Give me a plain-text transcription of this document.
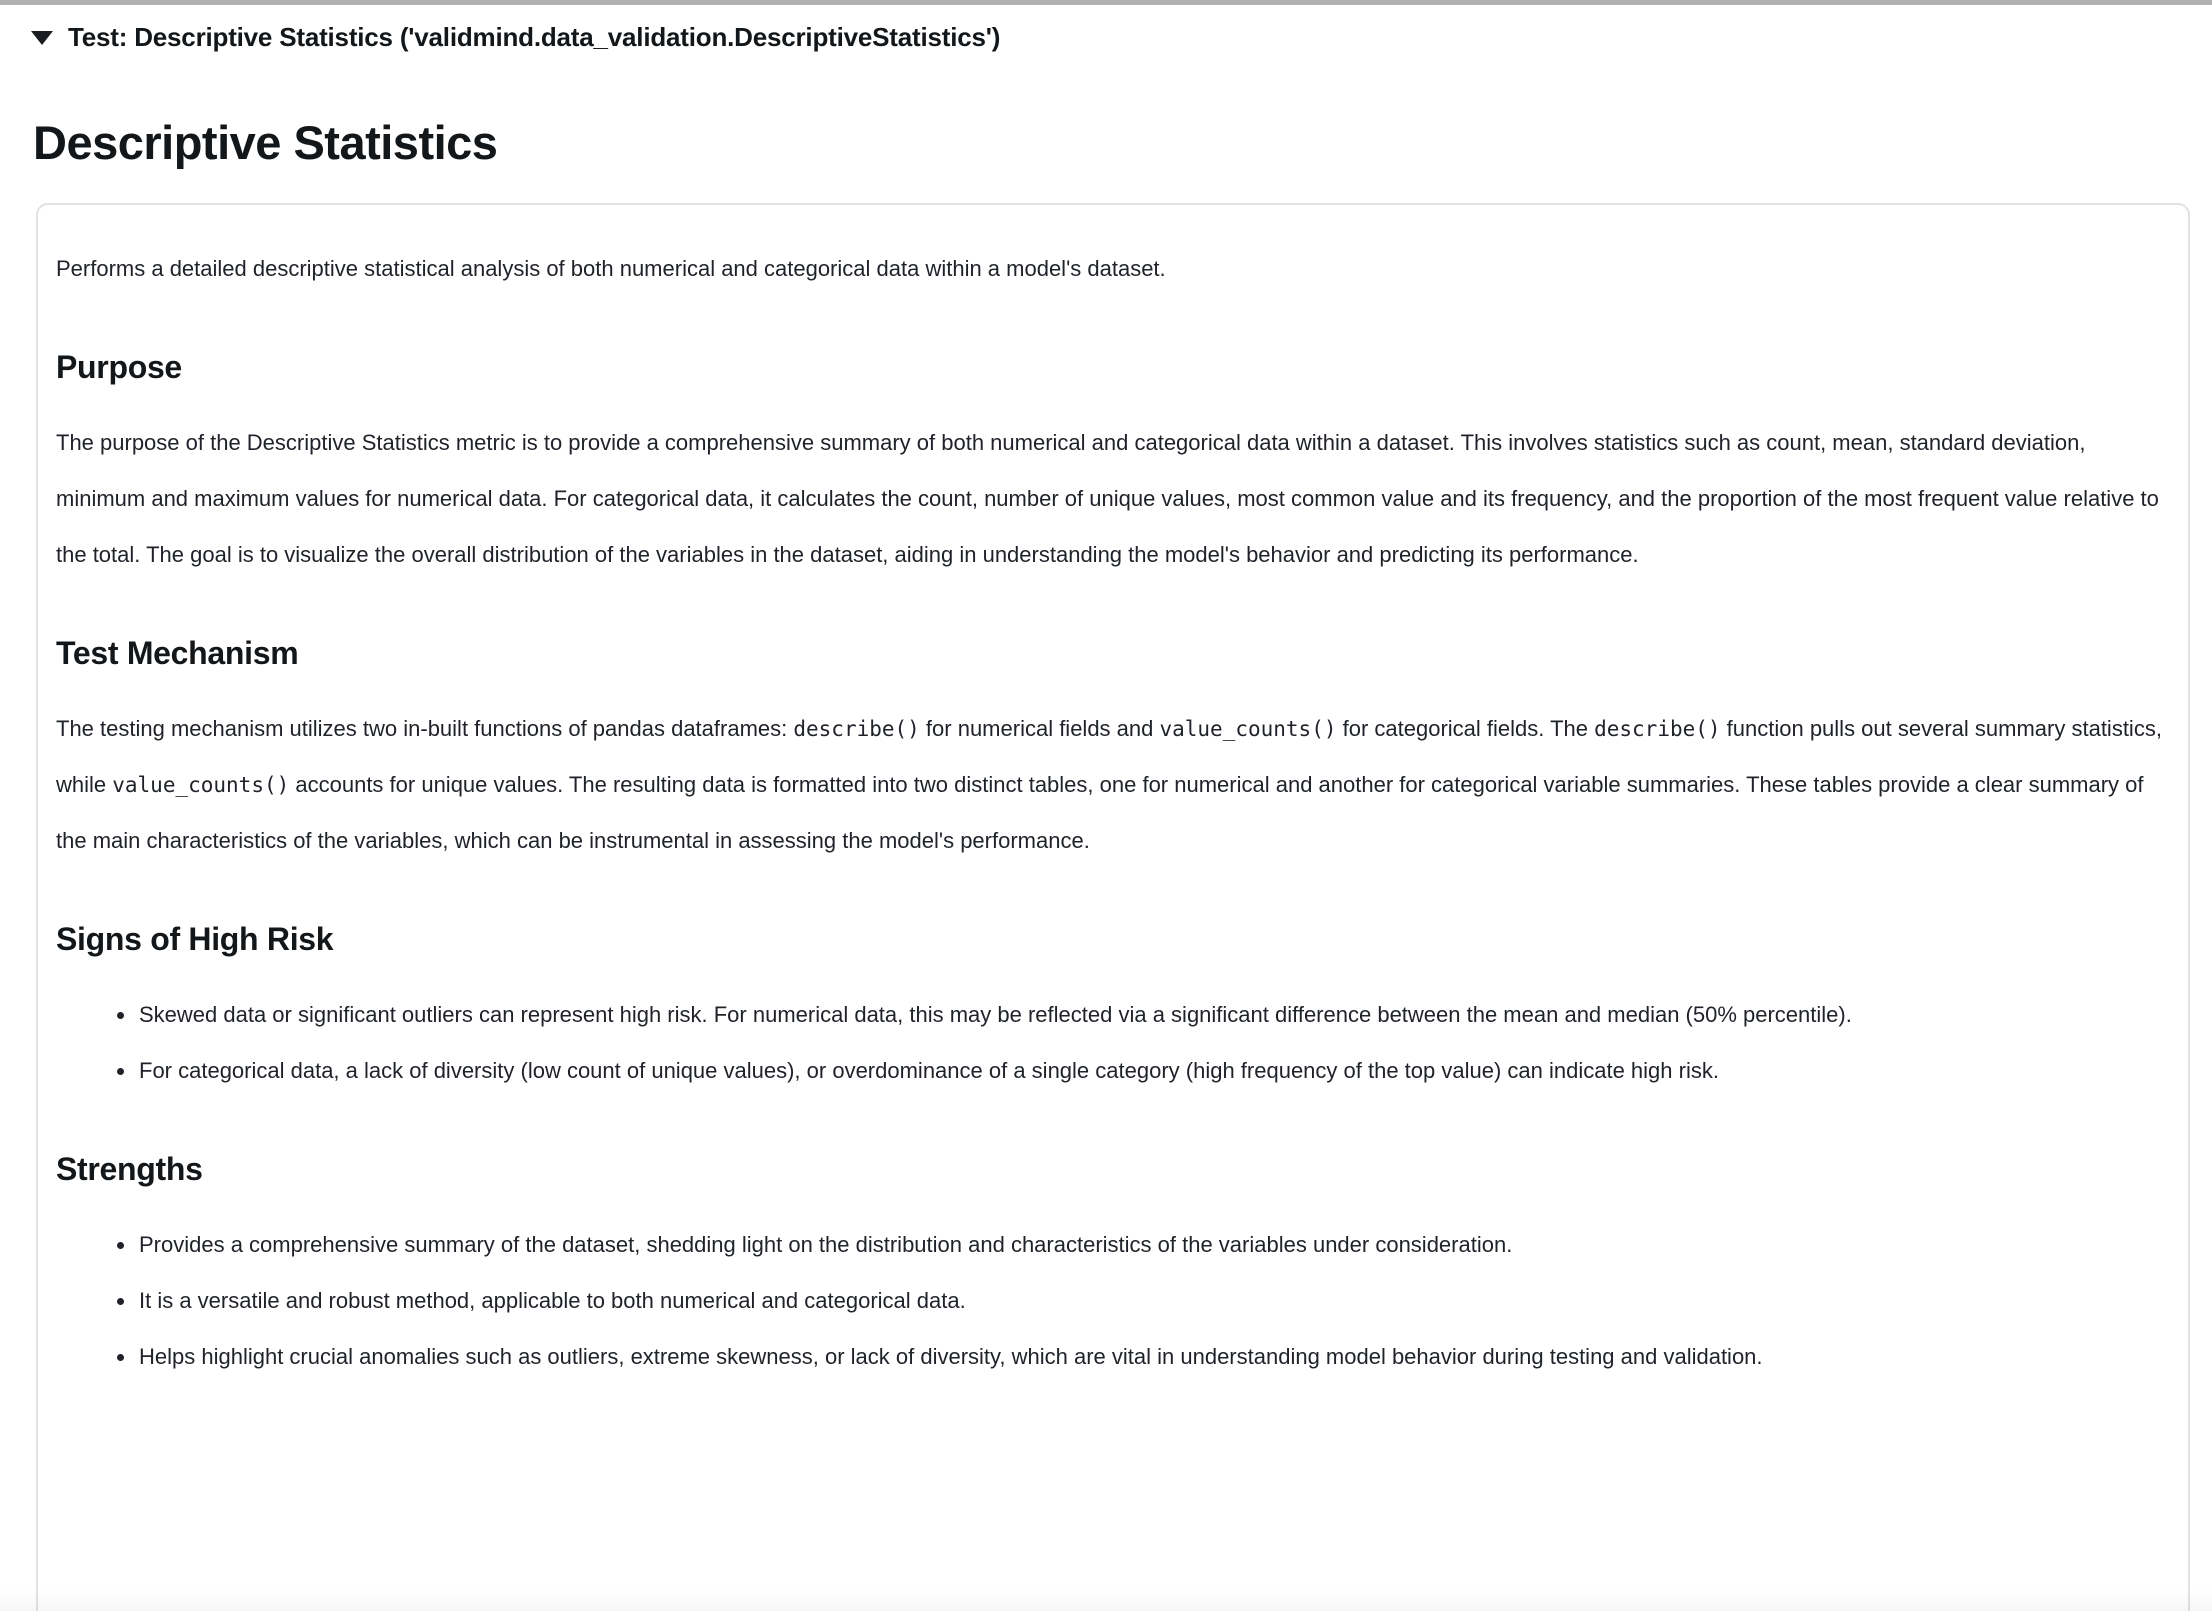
Test: Descriptive Statistics ('validmind.data_validation.DescriptiveStatistics')
Descriptive Statistics

Performs a detailed descriptive statistical analysis of both numerical and categorical data within a model's dataset.

Purpose

The purpose of the Descriptive Statistics metric is to provide a comprehensive summary of both numerical and categorical data within a dataset. This involves statistics such as count, mean, standard deviation, minimum and maximum values for numerical data. For categorical data, it calculates the count, number of unique values, most common value and its frequency, and the proportion of the most frequent value relative to the total. The goal is to visualize the overall distribution of the variables in the dataset, aiding in understanding the model's behavior and predicting its performance.

Test Mechanism

The testing mechanism utilizes two in-built functions of pandas dataframes: describe() for numerical fields and value_counts() for categorical fields. The describe() function pulls out several summary statistics, while value_counts() accounts for unique values. The resulting data is formatted into two distinct tables, one for numerical and another for categorical variable summaries. These tables provide a clear summary of the main characteristics of the variables, which can be instrumental in assessing the model's performance.

Signs of High Risk
• Skewed data or significant outliers can represent high risk. For numerical data, this may be reflected via a significant difference between the mean and median (50% percentile).
• For categorical data, a lack of diversity (low count of unique values), or overdominance of a single category (high frequency of the top value) can indicate high risk.
Strengths
• Provides a comprehensive summary of the dataset, shedding light on the distribution and characteristics of the variables under consideration.
• It is a versatile and robust method, applicable to both numerical and categorical data.
• Helps highlight crucial anomalies such as outliers, extreme skewness, or lack of diversity, which are vital in understanding model behavior during testing and validation.
